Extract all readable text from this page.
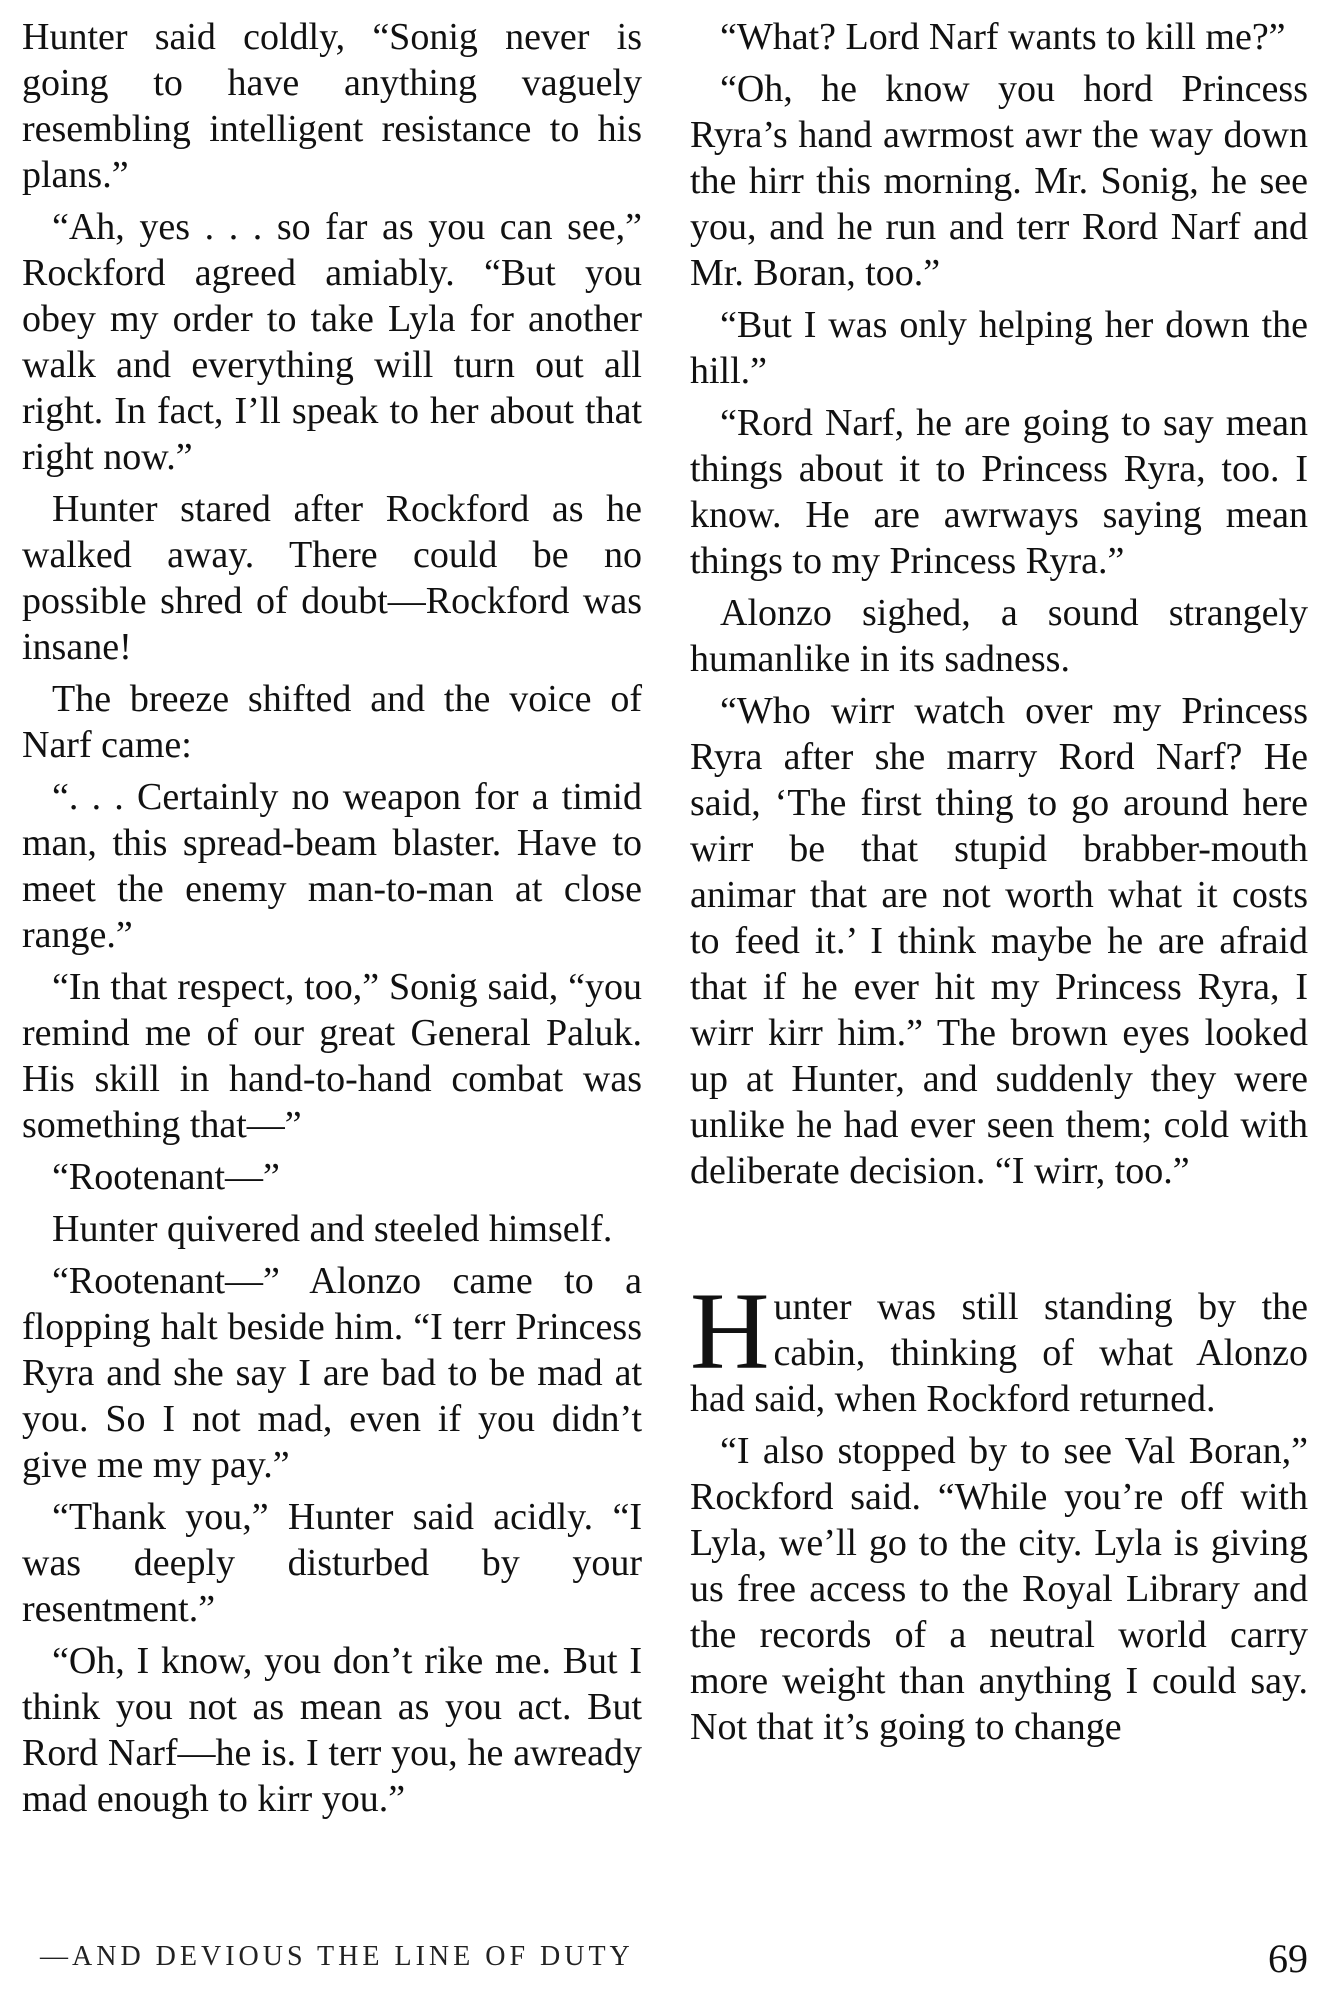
Hunter said coldly, “Sonig never is going to have anything vaguely resembling intelligent resistance to his plans.”

“Ah, yes . . . so far as you can see,” Rockford agreed amiably. “But you obey my order to take Lyla for another walk and everything will turn out all right. In fact, I’ll speak to her about that right now.”

Hunter stared after Rockford as he walked away. There could be no possible shred of doubt—Rockford was insane!

The breeze shifted and the voice of Narf came:

“. . . Certainly no weapon for a timid man, this spread-beam blaster. Have to meet the enemy man-to-man at close range.”

“In that respect, too,” Sonig said, “you remind me of our great General Paluk. His skill in hand-to-hand combat was something that—”

“Rootenant—”

Hunter quivered and steeled himself.

“Rootenant—” Alonzo came to a flopping halt beside him. “I terr Princess Ryra and she say I are bad to be mad at you. So I not mad, even if you didn’t give me my pay.”

“Thank you,” Hunter said acidly. “I was deeply disturbed by your resentment.”

“Oh, I know, you don’t rike me. But I think you not as mean as you act. But Rord Narf—he is. I terr you, he awready mad enough to kirr you.”

“What? Lord Narf wants to kill me?”

“Oh, he know you hord Princess Ryra’s hand awrmost awr the way down the hirr this morning. Mr. Sonig, he see you, and he run and terr Rord Narf and Mr. Boran, too.”

“But I was only helping her down the hill.”

“Rord Narf, he are going to say mean things about it to Princess Ryra, too. I know. He are awrways saying mean things to my Princess Ryra.”

Alonzo sighed, a sound strangely humanlike in its sadness.

“Who wirr watch over my Princess Ryra after she marry Rord Narf? He said, ‘The first thing to go around here wirr be that stupid brabber-mouth animar that are not worth what it costs to feed it.’ I think maybe he are afraid that if he ever hit my Princess Ryra, I wirr kirr him.” The brown eyes looked up at Hunter, and suddenly they were unlike he had ever seen them; cold with deliberate decision. “I wirr, too.”

Hunter was still standing by the cabin, thinking of what Alonzo had said, when Rockford returned.

“I also stopped by to see Val Boran,” Rockford said. “While you’re off with Lyla, we’ll go to the city. Lyla is giving us free access to the Royal Library and the records of a neutral world carry more weight than anything I could say. Not that it’s going to change

—AND DEVIOUS THE LINE OF DUTY	69
